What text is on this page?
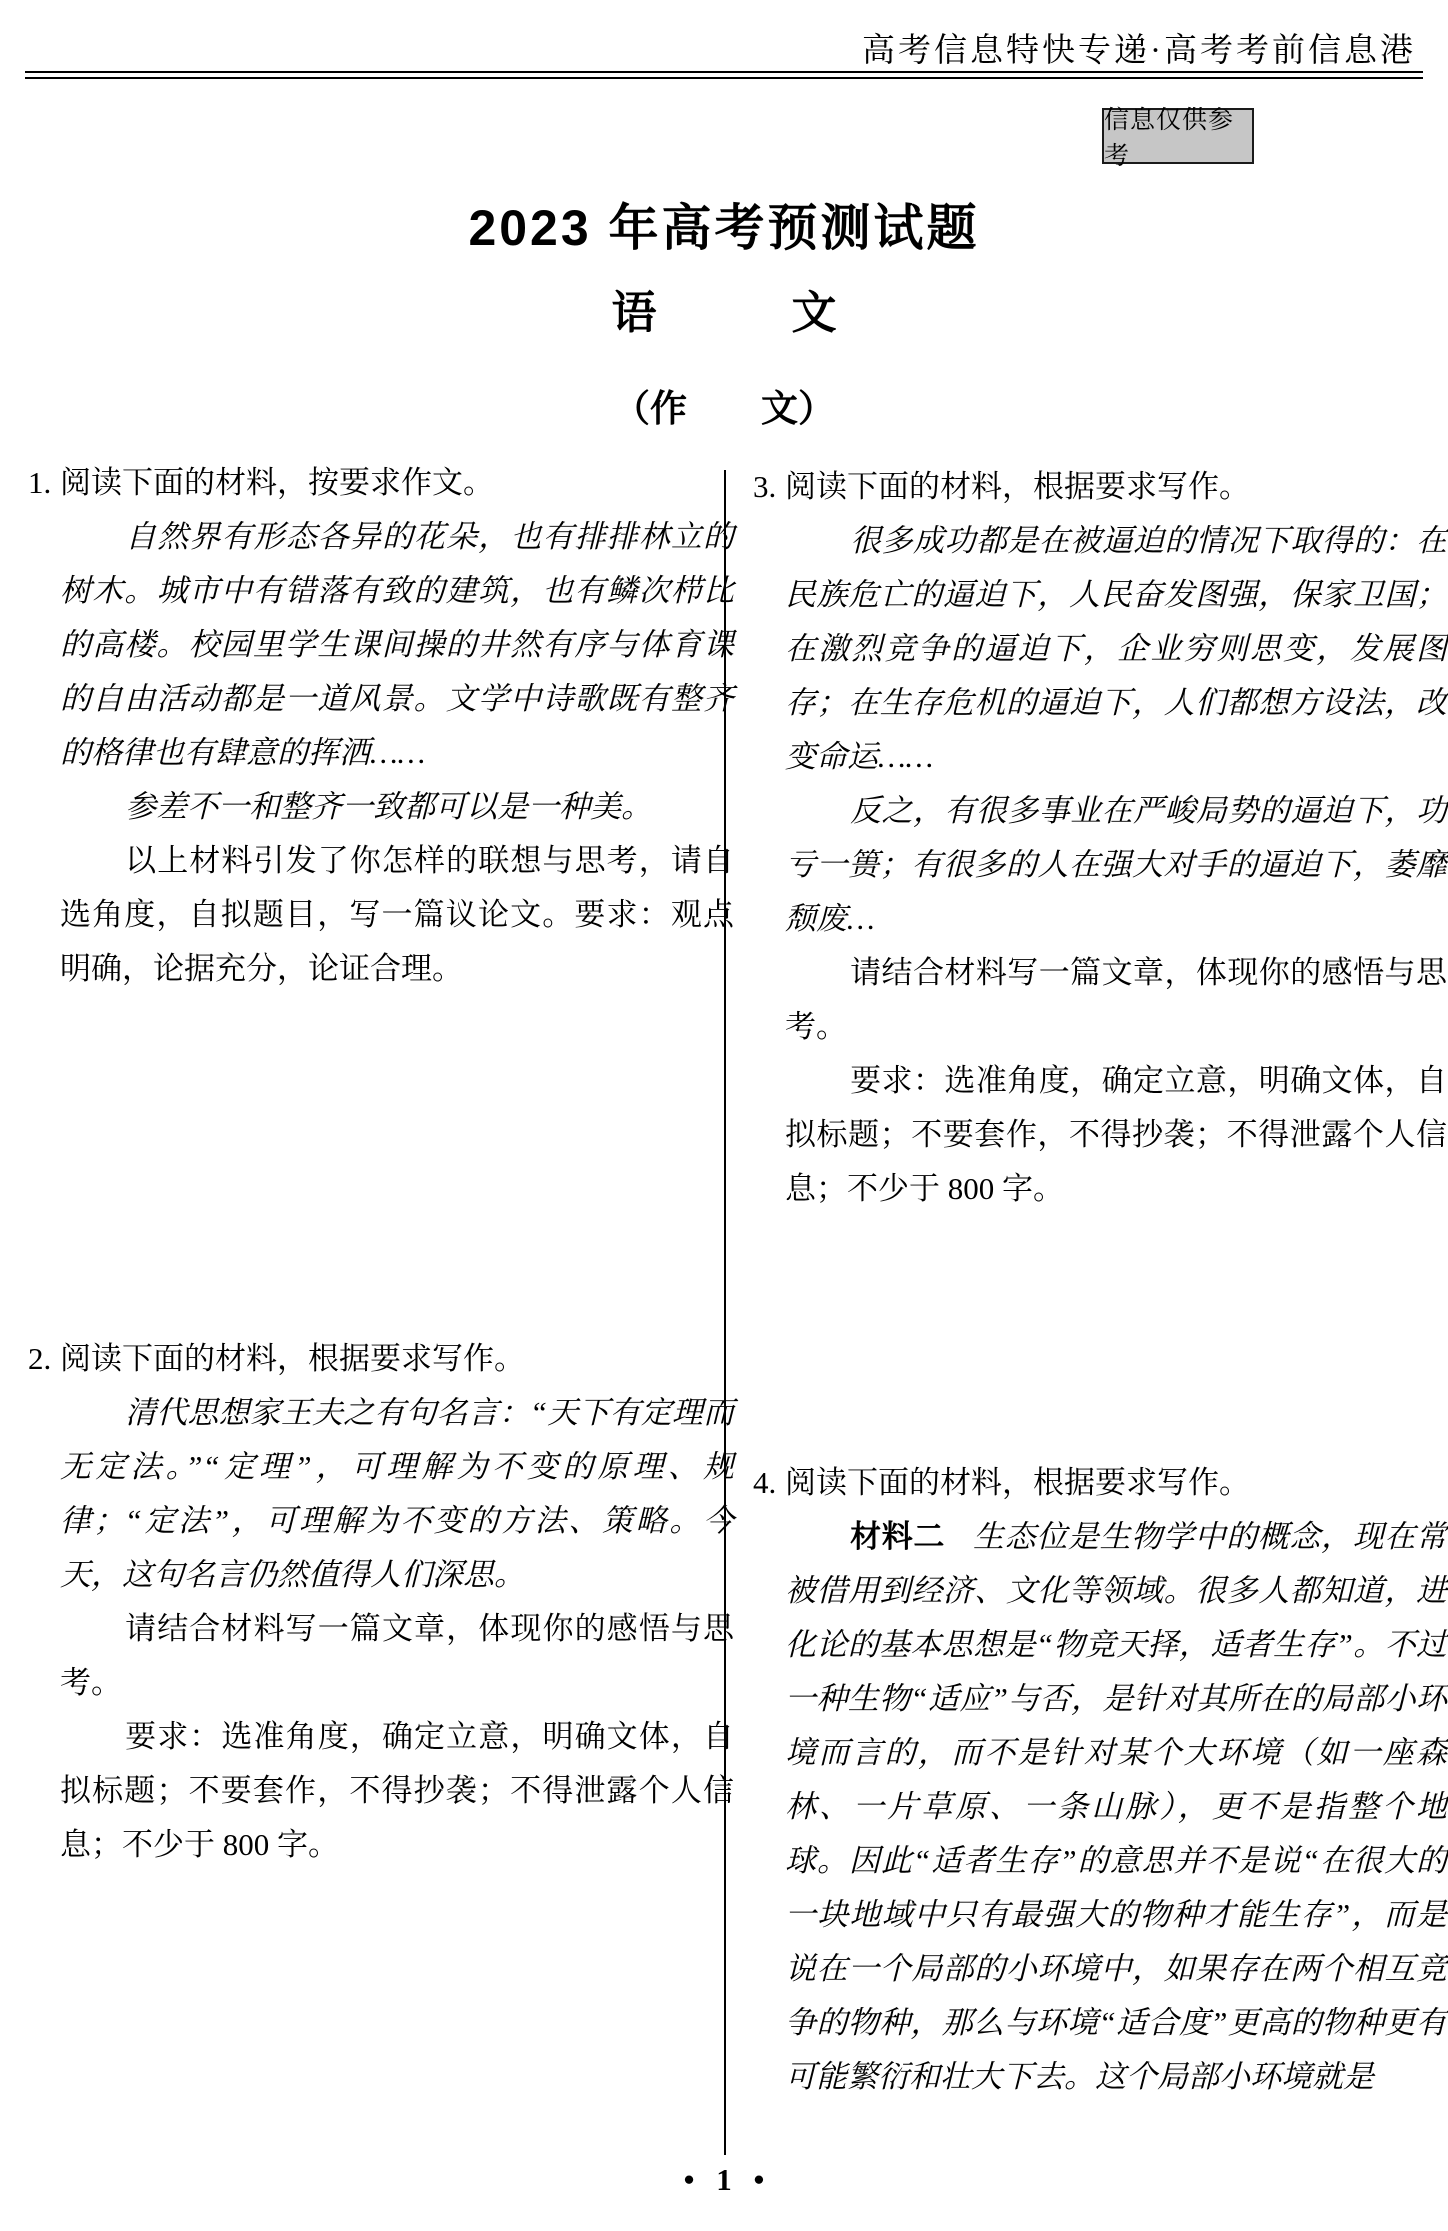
高考信息特快专递·高考考前信息港
信息仅供参考
2023 年高考预测试题
语　　　文
（作　　文）

1. 阅读下面的材料，按要求作文。

自然界有形态各异的花朵，也有排排林立的树木。城市中有错落有致的建筑，也有鳞次栉比的高楼。校园里学生课间操的井然有序与体育课的自由活动都是一道风景。文学中诗歌既有整齐的格律也有肆意的挥洒……

参差不一和整齐一致都可以是一种美。

以上材料引发了你怎样的联想与思考，请自选角度，自拟题目，写一篇议论文。要求：观点明确，论据充分，论证合理。

2. 阅读下面的材料，根据要求写作。

清代思想家王夫之有句名言：“天下有定理而无定法。”“定理”，可理解为不变的原理、规律；“定法”，可理解为不变的方法、策略。今天，这句名言仍然值得人们深思。

请结合材料写一篇文章，体现你的感悟与思考。

要求：选准角度，确定立意，明确文体，自拟标题；不要套作，不得抄袭；不得泄露个人信息；不少于 800 字。

3. 阅读下面的材料，根据要求写作。

很多成功都是在被逼迫的情况下取得的：在民族危亡的逼迫下，人民奋发图强，保家卫国；在激烈竞争的逼迫下，企业穷则思变，发展图存；在生存危机的逼迫下，人们都想方设法，改变命运……

反之，有很多事业在严峻局势的逼迫下，功亏一篑；有很多的人在强大对手的逼迫下，萎靡颓废…

请结合材料写一篇文章，体现你的感悟与思考。

要求：选准角度，确定立意，明确文体，自拟标题；不要套作，不得抄袭；不得泄露个人信息；不少于 800 字。

4. 阅读下面的材料，根据要求写作。

材料二 生态位是生物学中的概念，现在常被借用到经济、文化等领域。很多人都知道，进化论的基本思想是“物竞天择，适者生存”。不过一种生物“适应”与否，是针对其所在的局部小环境而言的，而不是针对某个大环境（如一座森林、一片草原、一条山脉），更不是指整个地球。因此“适者生存”的意思并不是说“在很大的一块地域中只有最强大的物种才能生存”，而是说在一个局部的小环境中，如果存在两个相互竞争的物种，那么与环境“适合度”更高的物种更有可能繁衍和壮大下去。这个局部小环境就是

• 1 •
